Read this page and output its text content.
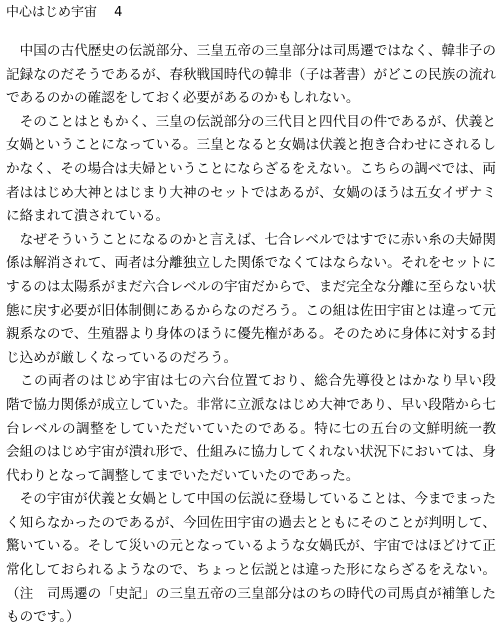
中心はじめ宇宙　 4
　中国の古代歴史の伝説部分、三皇五帝の三皇部分は司馬遷ではなく、韓非子の
記録なのだそうであるが、春秋戦国時代の韓非（子は著書）がどこの民族の流れ
であるのかの確認をしておく必要があるのかもしれない。
　そのことはともかく、三皇の伝説部分の三代目と四代目の件であるが、伏義と
女媧ということになっている。三皇となると女媧は伏義と抱き合わせにされるし
かなく、その場合は夫婦ということにならざるをえない。こちらの調べでは、両
者ははじめ大神とはじまり大神のセットではあるが、女媧のほうは五女イザナミ
に絡まれて潰されている。
　なぜそういうことになるのかと言えば、七合レベルではすでに赤い糸の夫婦関
係は解消されて、両者は分離独立した関係でなくてはならない。それをセットに
するのは太陽系がまだ六合レベルの宇宙だからで、まだ完全な分離に至らない状
態に戻す必要が旧体制側にあるからなのだろう。この組は佐田宇宙とは違って元
親系なので、生殖器より身体のほうに優先権がある。そのために身体に対する封
じ込めが厳しくなっているのだろう。
　この両者のはじめ宇宙は七の六台位置ており、総合先導役とはかなり早い段
階で協力関係が成立していた。非常に立派なはじめ大神であり、早い段階から七
台レベルの調整をしていただいていたのである。特に七の五台の文鮮明統一教
会組のはじめ宇宙が潰れ形で、仕組みに協力してくれない状況下においては、身
代わりとなって調整してまでいただいていたのであった。
　その宇宙が伏義と女媧として中国の伝説に登場していることは、今までまった
く知らなかったのであるが、今回佐田宇宙の過去とともにそのことが判明して、
驚いている。そして災いの元となっているような女媧氏が、宇宙ではほどけて正
常化しておられるようなので、ちょっと伝説とは違った形にならざるをえない。
（注　司馬遷の「史記」の三皇五帝の三皇部分はのちの時代の司馬貞が補筆した
ものです。）
